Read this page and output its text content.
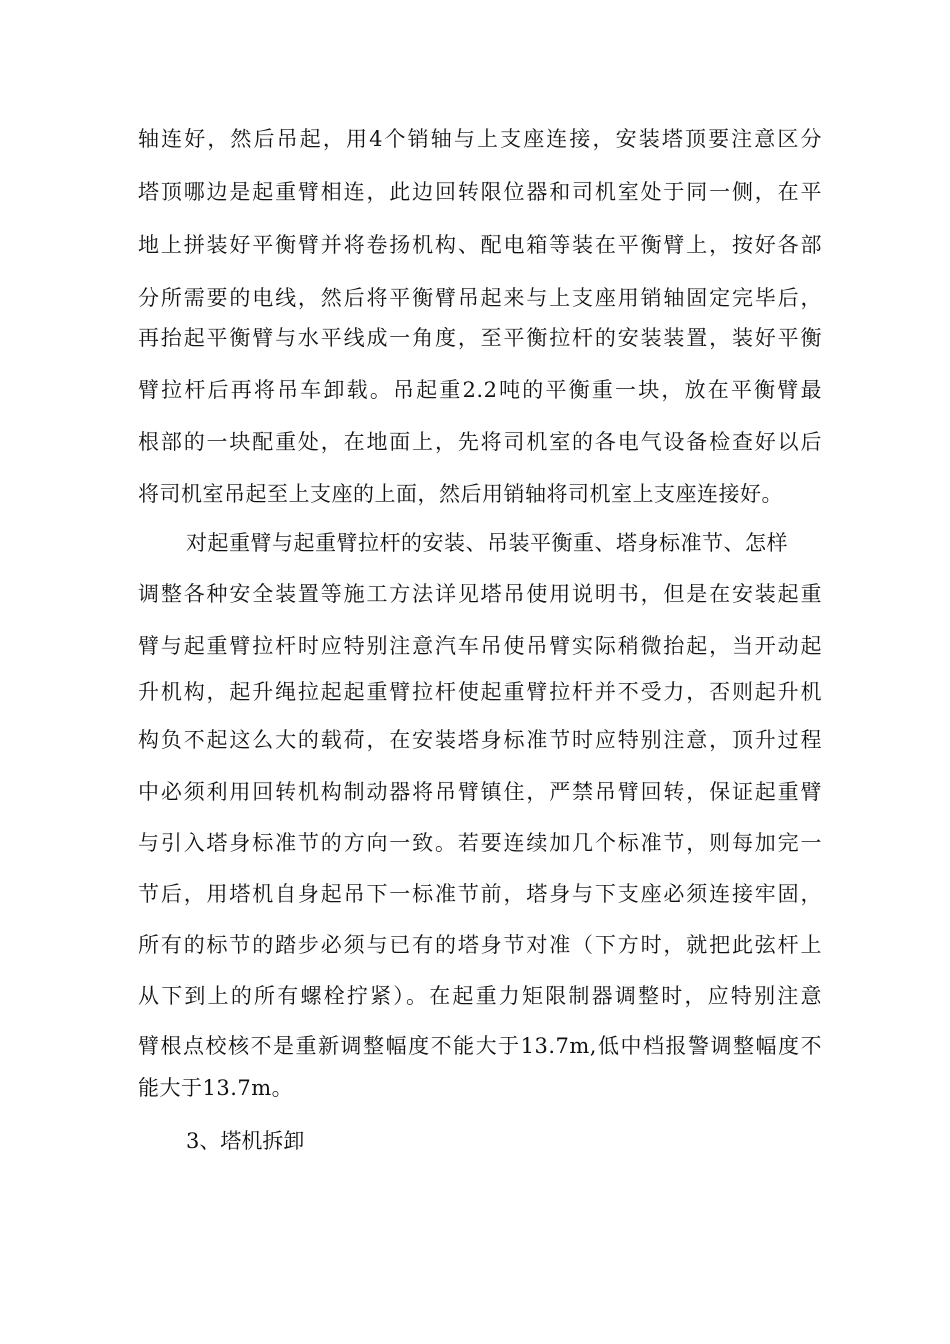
轴连好，然后吊起，用4个销轴与上支座连接，安装塔顶要注意区分
塔顶哪边是起重臂相连，此边回转限位器和司机室处于同一侧，在平
地上拼装好平衡臂并将卷扬机构、配电箱等装在平衡臂上，按好各部
分所需要的电线，然后将平衡臂吊起来与上支座用销轴固定完毕后，
再抬起平衡臂与水平线成一角度，至平衡拉杆的安装装置，装好平衡
臂拉杆后再将吊车卸载。吊起重2.2吨的平衡重一块，放在平衡臂最
根部的一块配重处，在地面上，先将司机室的各电气设备检查好以后
将司机室吊起至上支座的上面，然后用销轴将司机室上支座连接好。
对起重臂与起重臂拉杆的安装、吊装平衡重、塔身标准节、怎样
调整各种安全装置等施工方法详见塔吊使用说明书，但是在安装起重
臂与起重臂拉杆时应特别注意汽车吊使吊臂实际稍微抬起，当开动起
升机构，起升绳拉起起重臂拉杆使起重臂拉杆并不受力，否则起升机
构负不起这么大的载荷，在安装塔身标准节时应特别注意，顶升过程
中必须利用回转机构制动器将吊臂镇住，严禁吊臂回转，保证起重臂
与引入塔身标准节的方向一致。若要连续加几个标准节，则每加完一
节后，用塔机自身起吊下一标准节前，塔身与下支座必须连接牢固，
所有的标节的踏步必须与已有的塔身节对准（下方时，就把此弦杆上
从下到上的所有螺栓拧紧）。在起重力矩限制器调整时，应特别注意
臂根点校核不是重新调整幅度不能大于13.7m,低中档报警调整幅度不
能大于13.7m。
3、塔机拆卸
